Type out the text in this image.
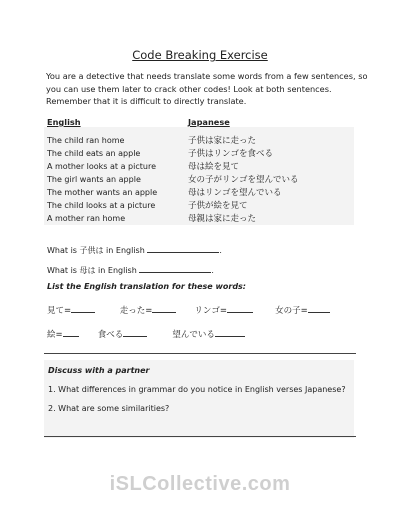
Code Breaking Exercise
You are a detective that needs translate some words from a few sentences, so you can use them later to crack other codes! Look at both sentences. Remember that it is difficult to directly translate.
English	Japanese
The child ran home	子供は家に走った
The child eats an apple	子供はリンゴを食べる
A mother looks at a picture	母は絵を見て
The girl wants an apple	女の子がリンゴを望んでいる
The mother wants an apple	母はリンゴを望んでいる
The child looks at a picture	子供が絵を見て
A mother ran home	母親は家に走った
What is 子供は in English	.
What is 母は in English	.
List the English translation for these words:
見て=	走った=	リンゴ=	女の子=
絵=	食べる	望んでいる
Discuss with a partner
1. What differences in grammar do you notice in English verses Japanese?
2. What are some similarities?
iSLCollective.com
